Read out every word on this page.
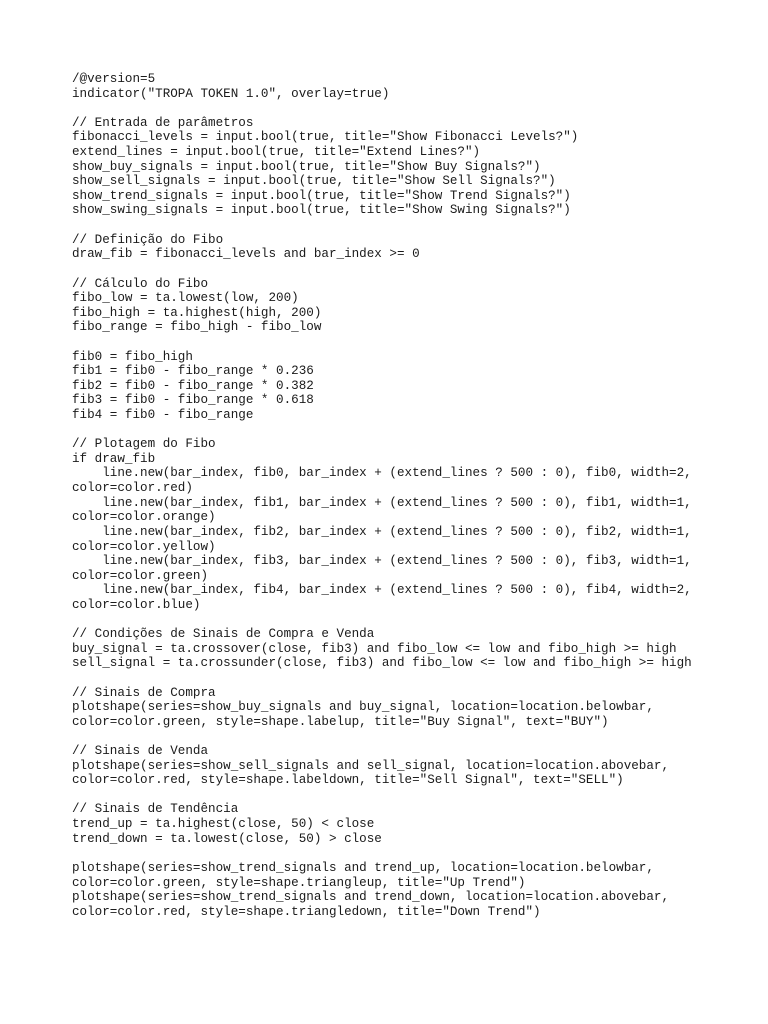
/@version=5
indicator("TROPA TOKEN 1.0", overlay=true)
// Entrada de parâmetros
fibonacci_levels = input.bool(true, title="Show Fibonacci Levels?")
extend_lines = input.bool(true, title="Extend Lines?")
show_buy_signals = input.bool(true, title="Show Buy Signals?")
show_sell_signals = input.bool(true, title="Show Sell Signals?")
show_trend_signals = input.bool(true, title="Show Trend Signals?")
show_swing_signals = input.bool(true, title="Show Swing Signals?")
// Definição do Fibo
draw_fib = fibonacci_levels and bar_index >= 0
// Cálculo do Fibo
fibo_low = ta.lowest(low, 200)
fibo_high = ta.highest(high, 200)
fibo_range = fibo_high - fibo_low
fib0 = fibo_high
fib1 = fib0 - fibo_range * 0.236
fib2 = fib0 - fibo_range * 0.382
fib3 = fib0 - fibo_range * 0.618
fib4 = fib0 - fibo_range
// Plotagem do Fibo
if draw_fib
line.new(bar_index, fib0, bar_index + (extend_lines ? 500 : 0), fib0, width=2,
color=color.red)
line.new(bar_index, fib1, bar_index + (extend_lines ? 500 : 0), fib1, width=1,
color=color.orange)
line.new(bar_index, fib2, bar_index + (extend_lines ? 500 : 0), fib2, width=1,
color=color.yellow)
line.new(bar_index, fib3, bar_index + (extend_lines ? 500 : 0), fib3, width=1,
color=color.green)
line.new(bar_index, fib4, bar_index + (extend_lines ? 500 : 0), fib4, width=2,
color=color.blue)
// Condições de Sinais de Compra e Venda
buy_signal = ta.crossover(close, fib3) and fibo_low <= low and fibo_high >= high
sell_signal = ta.crossunder(close, fib3) and fibo_low <= low and fibo_high >= high
// Sinais de Compra
plotshape(series=show_buy_signals and buy_signal, location=location.belowbar,
color=color.green, style=shape.labelup, title="Buy Signal", text="BUY")
// Sinais de Venda
plotshape(series=show_sell_signals and sell_signal, location=location.abovebar,
color=color.red, style=shape.labeldown, title="Sell Signal", text="SELL")
// Sinais de Tendência
trend_up = ta.highest(close, 50) < close
trend_down = ta.lowest(close, 50) > close
plotshape(series=show_trend_signals and trend_up, location=location.belowbar,
color=color.green, style=shape.triangleup, title="Up Trend")
plotshape(series=show_trend_signals and trend_down, location=location.abovebar,
color=color.red, style=shape.triangledown, title="Down Trend")
